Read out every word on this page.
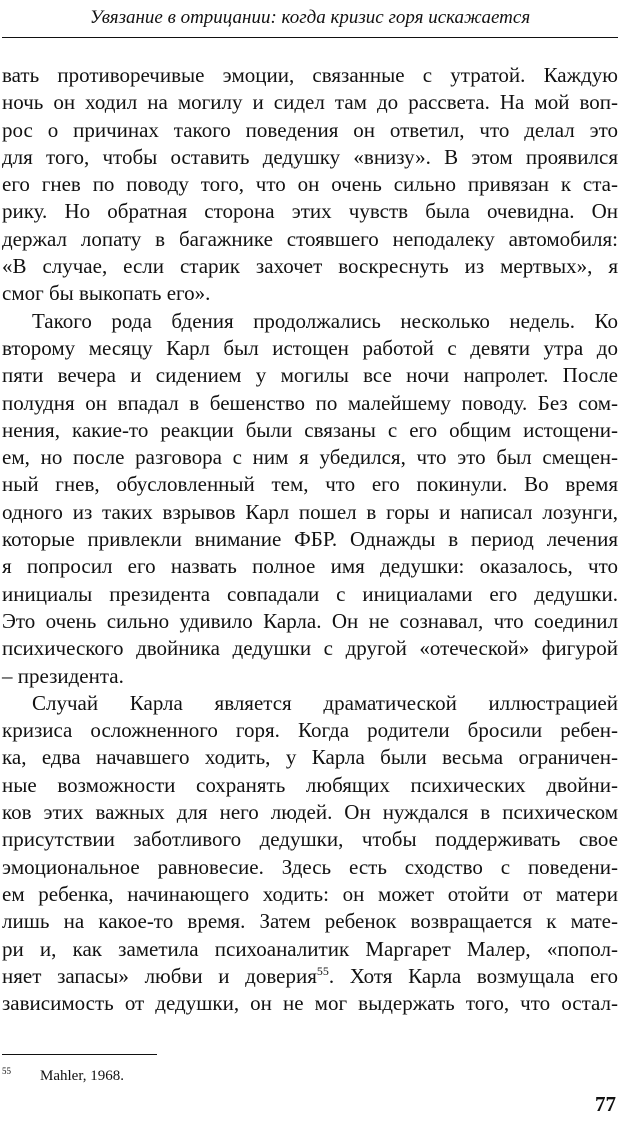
Увязание в отрицании: когда кризис горя искажается
вать противоречивые эмоции, связанные с утратой. Каждую
ночь он ходил на могилу и сидел там до рассвета. На мой воп-
рос о причинах такого поведения он ответил, что делал это
для того, чтобы оставить дедушку «внизу». В этом проявился
его гнев по поводу того, что он очень сильно привязан к ста-
рику. Но обратная сторона этих чувств была очевидна. Он
держал лопату в багажнике стоявшего неподалеку автомобиля:
«В случае, если старик захочет воскреснуть из мертвых», я
смог бы выкопать его».
Такого рода бдения продолжались несколько недель. Ко
второму месяцу Карл был истощен работой с девяти утра до
пяти вечера и сидением у могилы все ночи напролет. После
полудня он впадал в бешенство по малейшему поводу. Без сом-
нения, какие-то реакции были связаны с его общим истощени-
ем, но после разговора с ним я убедился, что это был смещен-
ный гнев, обусловленный тем, что его покинули. Во время
одного из таких взрывов Карл пошел в горы и написал лозунги,
которые привлекли внимание ФБР. Однажды в период лечения
я попросил его назвать полное имя дедушки: оказалось, что
инициалы президента совпадали с инициалами его дедушки.
Это очень сильно удивило Карла. Он не сознавал, что соединил
психического двойника дедушки с другой «отеческой» фигурой
– президента.
Случай Карла является драматической иллюстрацией
кризиса осложненного горя. Когда родители бросили ребен-
ка, едва начавшего ходить, у Карла были весьма ограничен-
ные возможности сохранять любящих психических двойни-
ков этих важных для него людей. Он нуждался в психическом
присутствии заботливого дедушки, чтобы поддерживать свое
эмоциональное равновесие. Здесь есть сходство с поведени-
ем ребенка, начинающего ходить: он может отойти от матери
лишь на какое-то время. Затем ребенок возвращается к мате-
ри и, как заметила психоаналитик Маргарет Малер, «попол-
няет запасы» любви и доверия$^{55}$. Хотя Карла возмущала его
зависимость от дедушки, он не мог выдержать того, что остал-
55 Mahler, 1968.
77
